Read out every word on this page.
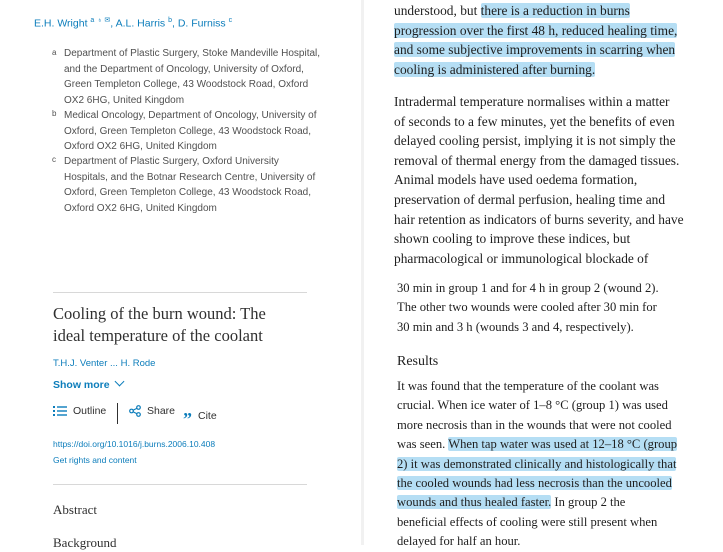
E.H. Wright $^a$ ♁ ✉, A.L. Harris $^b$, D. Furniss $^c$
a Department of Plastic Surgery, Stoke Mandeville Hospital,
and the Department of Oncology, University of Oxford,
Green Templeton College, 43 Woodstock Road, Oxford
OX2 6HG, United Kingdom
b Medical Oncology, Department of Oncology, University of
Oxford, Green Templeton College, 43 Woodstock Road,
Oxford OX2 6HG, United Kingdom
c Department of Plastic Surgery, Oxford University
Hospitals, and the Botnar Research Centre, University of
Oxford, Green Templeton College, 43 Woodstock Road,
Oxford OX2 6HG, United Kingdom
Cooling of the burn wound: The
ideal temperature of the coolant
T.H.J. Venter ... H. Rode
Show more
Outline	Share ” Cite
https://doi.org/10.1016/j.burns.2006.10.408
Get rights and content
Abstract
Background
understood, but there is a reduction in burns
progression over the first 48 h, reduced healing time,
and some subjective improvements in scarring when
cooling is administered after burning.
Intradermal temperature normalises within a matter
of seconds to a few minutes, yet the benefits of even
delayed cooling persist, implying it is not simply the
removal of thermal energy from the damaged tissues.
Animal models have used oedema formation,
preservation of dermal perfusion, healing time and
hair retention as indicators of burns severity, and have
shown cooling to improve these indices, but
pharmacological or immunological blockade of
30 min in group 1 and for 4 h in group 2 (wound 2).
The other two wounds were cooled after 30 min for
30 min and 3 h (wounds 3 and 4, respectively).
Results
It was found that the temperature of the coolant was
crucial. When ice water of 1–8 °C (group 1) was used
more necrosis than in the wounds that were not cooled
was seen. When tap water was used at 12–18 °C (group
2) it was demonstrated clinically and histologically that
the cooled wounds had less necrosis than the uncooled
wounds and thus healed faster. In group 2 the
beneficial effects of cooling were still present when
delayed for half an hour.
